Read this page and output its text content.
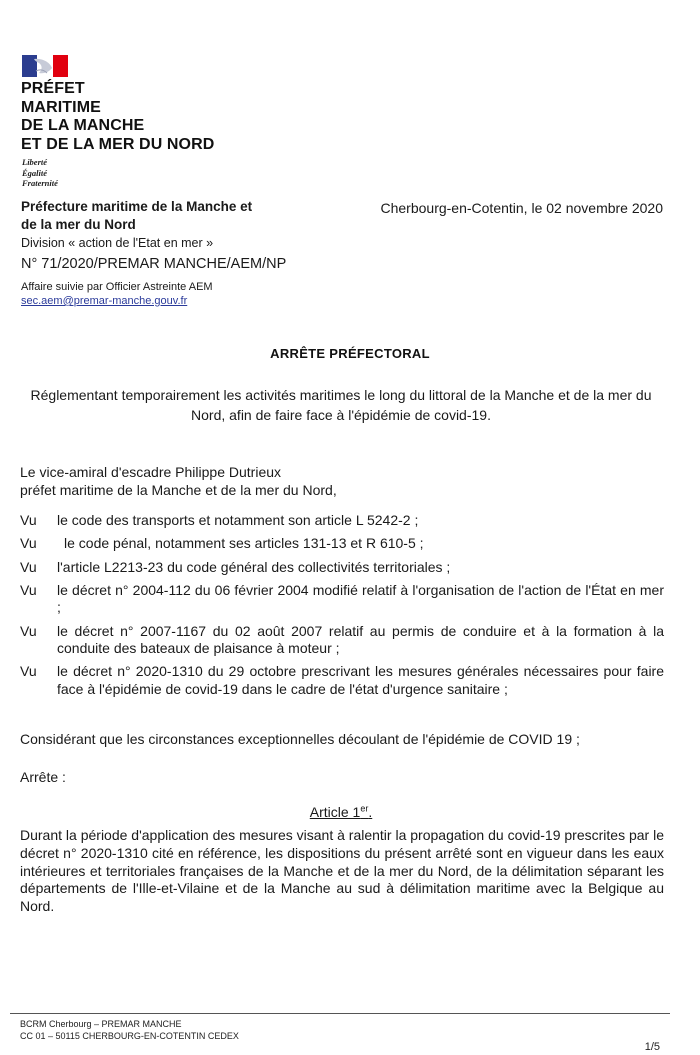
PRÉFET
MARITIME
DE LA MANCHE
ET DE LA MER DU NORD
Liberté
Égalité
Fraternité
Préfecture maritime de la Manche et de la mer du Nord
Division « action de l'Etat en mer »
N° 71/2020/PREMAR MANCHE/AEM/NP
Affaire suivie par Officier Astreinte AEM
sec.aem@premar-manche.gouv.fr
Cherbourg-en-Cotentin, le 02 novembre 2020
ARRÊTE PRÉFECTORAL
Réglementant temporairement les activités maritimes le long du littoral de la Manche et de la mer du Nord, afin de faire face à l'épidémie de covid-19.
Le vice-amiral d'escadre Philippe Dutrieux
préfet maritime de la Manche et de la mer du Nord,
Vu	le code des transports et notamment son article L 5242-2 ;
Vu	le code pénal, notamment ses articles 131-13 et R 610-5 ;
Vu	l'article L2213-23 du code général des collectivités territoriales ;
Vu	le décret n° 2004-112 du 06 février 2004 modifié relatif à l'organisation de l'action de l'État en mer ;
Vu	le décret n° 2007-1167 du 02 août 2007 relatif au permis de conduire et à la formation à la conduite des bateaux de plaisance à moteur ;
Vu	le décret n° 2020-1310 du 29 octobre prescrivant les mesures générales nécessaires pour faire face à l'épidémie de covid-19 dans le cadre de l'état d'urgence sanitaire ;
Considérant que les circonstances exceptionnelles découlant de l'épidémie de COVID 19 ;
Arrête :
Article 1er.
Durant la période d'application des mesures visant à ralentir la propagation du covid-19 prescrites par le décret n° 2020-1310 cité en référence, les dispositions du présent arrêté sont en vigueur dans les eaux intérieures et territoriales françaises de la Manche et de la mer du Nord, de la délimitation séparant les départements de l'Ille-et-Vilaine et de la Manche au sud à délimitation maritime avec la Belgique au Nord.
BCRM Cherbourg – PREMAR MANCHE
CC 01 – 50115 CHERBOURG-EN-COTENTIN CEDEX
1/5
